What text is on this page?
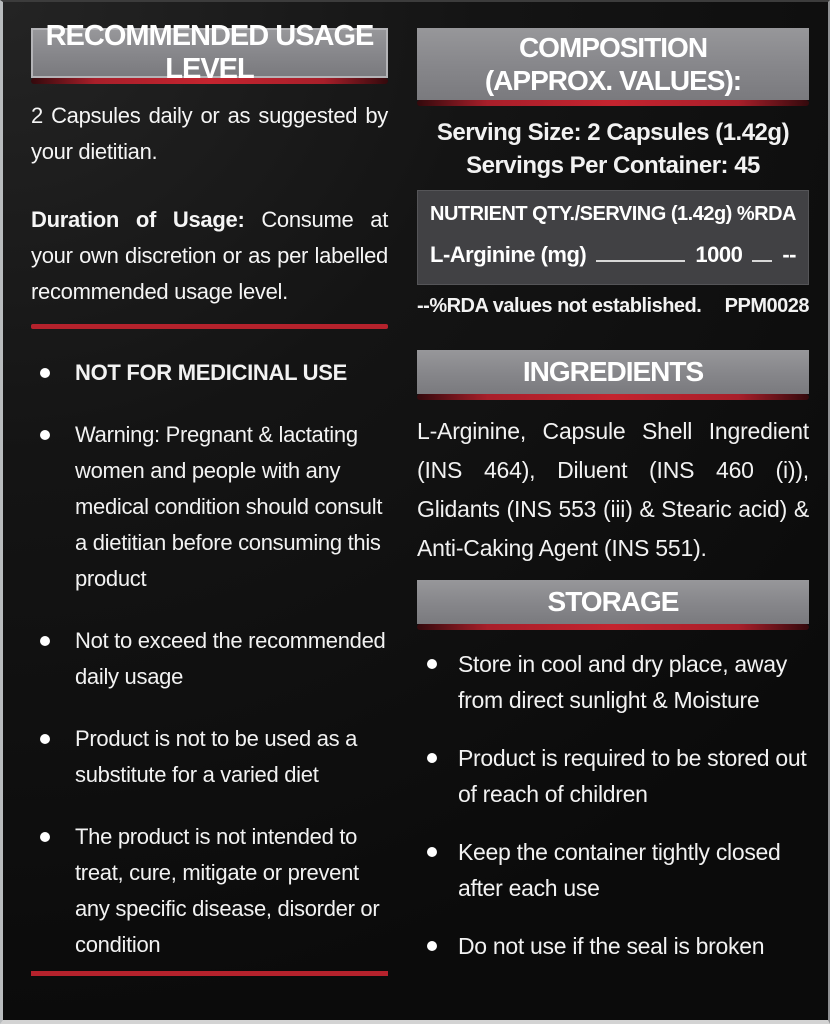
RECOMMENDED USAGE LEVEL

2 Capsules daily or as suggested by your dietitian.

Duration of Usage: Consume at your own discretion or as per labelled recommended usage level.

NOT FOR MEDICINAL USE
Warning: Pregnant & lactating women and people with any medical condition should consult a dietitian before consuming this product
Not to exceed the recommended daily usage
Product is not to be used as a substitute for a varied diet
The product is not intended to treat, cure, mitigate or prevent any specific disease, disorder or condition
COMPOSITION
(APPROX. VALUES):
Serving Size: 2 Capsules (1.42g)
Servings Per Container: 45
NUTRIENT QTY./SERVING (1.42g) %RDA
L-Arginine (mg)	1000 --
--%RDA values not established. PPM0028
INGREDIENTS

L-Arginine, Capsule Shell Ingredient (INS 464), Diluent (INS 460 (i)), Glidants (INS 553 (iii) & Stearic acid) & Anti-Caking Agent (INS 551).

STORAGE
Store in cool and dry place, away from direct sunlight & Moisture
Product is required to be stored out of reach of children
Keep the container tightly closed after each use
Do not use if the seal is broken
